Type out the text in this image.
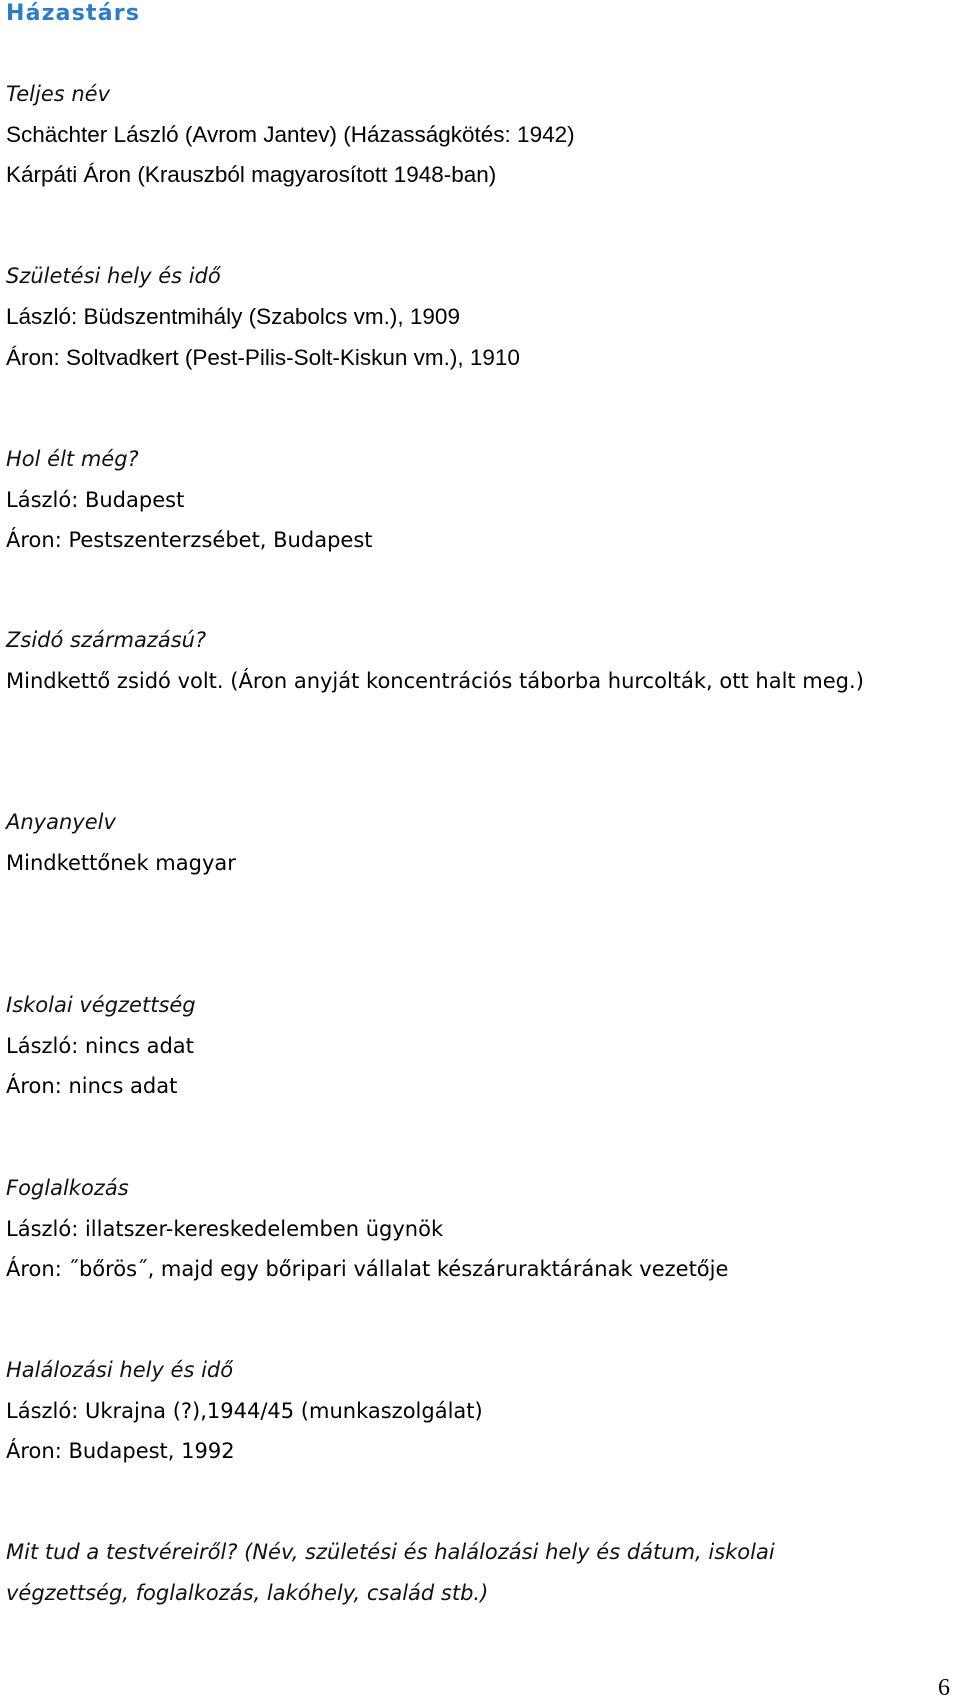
Házastárs
Teljes név
Schächter László (Avrom Jantev) (Házasságkötés: 1942)
Kárpáti Áron (Krauszból magyarosított 1948-ban)
Születési hely és idő
László: Büdszentmihály (Szabolcs vm.), 1909
Áron: Soltvadkert (Pest-Pilis-Solt-Kiskun vm.), 1910
Hol élt még?
László: Budapest
Áron: Pestszenterzsébet, Budapest
Zsidó származású?
Mindkettő zsidó volt. (Áron anyját koncentrációs táborba hurcolták, ott halt meg.)
Anyanyelv
Mindkettőnek magyar
Iskolai végzettség
László: nincs adat
Áron: nincs adat
Foglalkozás
László: illatszer-kereskedelemben ügynök
Áron: ˝bőrös˝, majd egy bőripari vállalat készáruraktárának vezetője
Halálozási hely és idő
László: Ukrajna (?),1944/45 (munkaszolgálat)
Áron: Budapest, 1992
Mit tud a testvéreiről? (Név, születési és halálozási hely és dátum, iskolai
végzettség, foglalkozás, lakóhely, család stb.)
6
